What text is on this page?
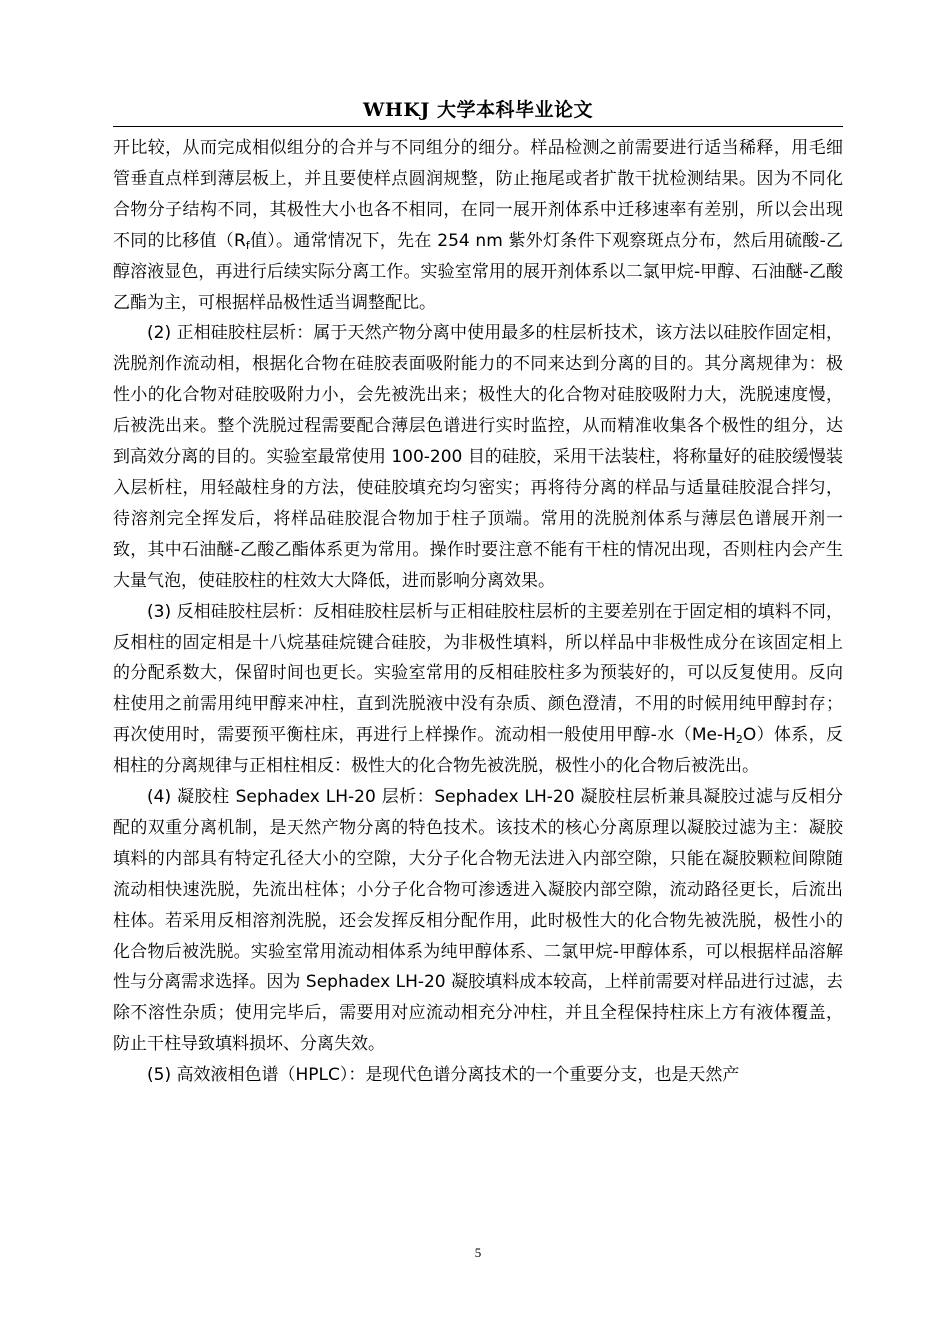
WHKJ 大学本科毕业论文

开比较，从而完成相似组分的合并与不同组分的细分。样品检测之前需要进行适当稀释，用毛细管垂直点样到薄层板上，并且要使样点圆润规整，防止拖尾或者扩散干扰检测结果。因为不同化合物分子结构不同，其极性大小也各不相同，在同一展开剂体系中迁移速率有差别，所以会出现不同的比移值（$R_f$值）。通常情况下，先在 254 nm 紫外灯条件下观察斑点分布，然后用硫酸-乙醇溶液显色，再进行后续实际分离工作。实验室常用的展开剂体系以二氯甲烷-甲醇、石油醚-乙酸乙酯为主，可根据样品极性适当调整配比。

(2) 正相硅胶柱层析：属于天然产物分离中使用最多的柱层析技术，该方法以硅胶作固定相，洗脱剂作流动相，根据化合物在硅胶表面吸附能力的不同来达到分离的目的。其分离规律为：极性小的化合物对硅胶吸附力小，会先被洗出来；极性大的化合物对硅胶吸附力大，洗脱速度慢，后被洗出来。整个洗脱过程需要配合薄层色谱进行实时监控，从而精准收集各个极性的组分，达到高效分离的目的。实验室最常使用 100-200 目的硅胶，采用干法装柱，将称量好的硅胶缓慢装入层析柱，用轻敲柱身的方法，使硅胶填充均匀密实；再将待分离的样品与适量硅胶混合拌匀，待溶剂完全挥发后，将样品硅胶混合物加于柱子顶端。常用的洗脱剂体系与薄层色谱展开剂一致，其中石油醚-乙酸乙酯体系更为常用。操作时要注意不能有干柱的情况出现，否则柱内会产生大量气泡，使硅胶柱的柱效大大降低，进而影响分离效果。

(3) 反相硅胶柱层析：反相硅胶柱层析与正相硅胶柱层析的主要差别在于固定相的填料不同，反相柱的固定相是十八烷基硅烷键合硅胶，为非极性填料，所以样品中非极性成分在该固定相上的分配系数大，保留时间也更长。实验室常用的反相硅胶柱多为预装好的，可以反复使用。反向柱使用之前需用纯甲醇来冲柱，直到洗脱液中没有杂质、颜色澄清，不用的时候用纯甲醇封存；再次使用时，需要预平衡柱床，再进行上样操作。流动相一般使用甲醇-水$(Me-H_2O)$体系，反相柱的分离规律与正相柱相反：极性大的化合物先被洗脱，极性小的化合物后被洗出。

(4) 凝胶柱 Sephadex LH-20 层析：Sephadex LH-20 凝胶柱层析兼具凝胶过滤与反相分配的双重分离机制，是天然产物分离的特色技术。该技术的核心分离原理以凝胶过滤为主：凝胶填料的内部具有特定孔径大小的空隙，大分子化合物无法进入内部空隙，只能在凝胶颗粒间隙随流动相快速洗脱，先流出柱体；小分子化合物可渗透进入凝胶内部空隙，流动路径更长，后流出柱体。若采用反相溶剂洗脱，还会发挥反相分配作用，此时极性大的化合物先被洗脱，极性小的化合物后被洗脱。实验室常用流动相体系为纯甲醇体系、二氯甲烷-甲醇体系，可以根据样品溶解性与分离需求选择。因为 Sephadex LH-20 凝胶填料成本较高，上样前需要对样品进行过滤，去除不溶性杂质；使用完毕后，需要用对应流动相充分冲柱，并且全程保持柱床上方有液体覆盖，防止干柱导致填料损坏、分离失效。

(5) 高效液相色谱（HPLC）：是现代色谱分离技术的一个重要分支，也是天然产

5
